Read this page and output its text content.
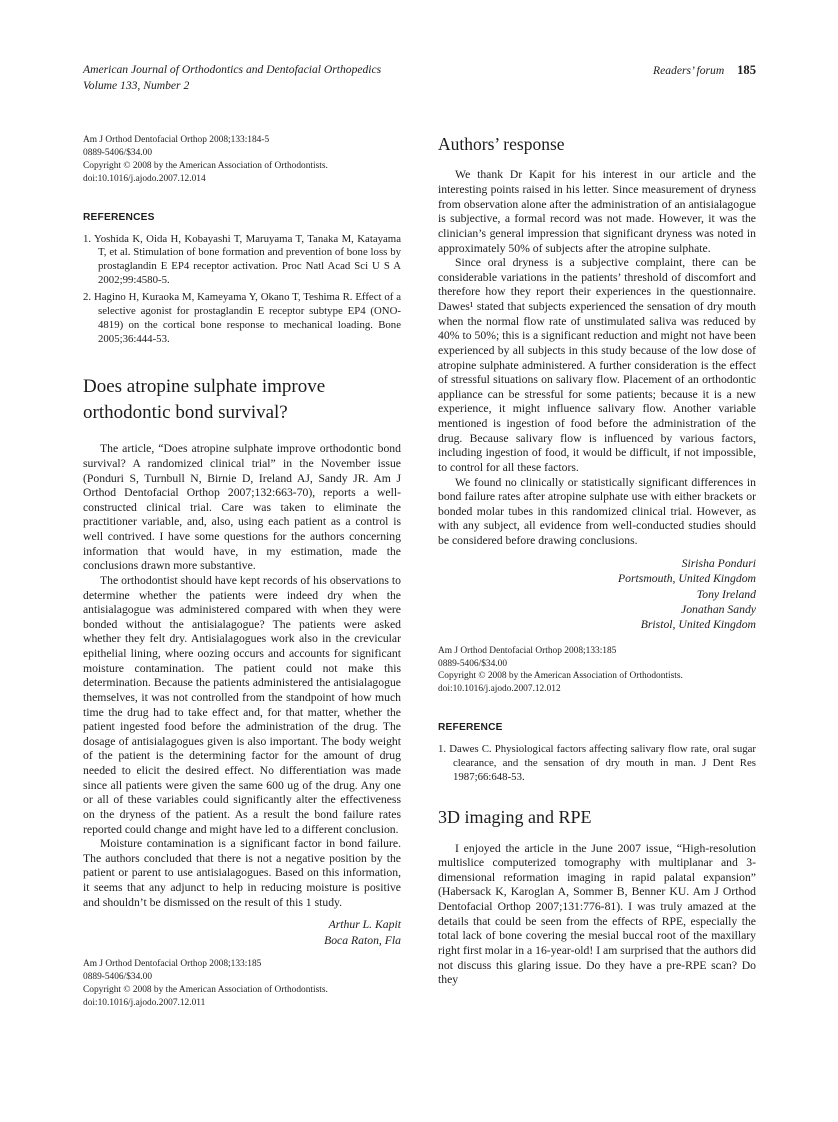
American Journal of Orthodontics and Dentofacial Orthopedics
Volume 133, Number 2
Readers’ forum 185
Am J Orthod Dentofacial Orthop 2008;133:184-5
0889-5406/$34.00
Copyright © 2008 by the American Association of Orthodontists.
doi:10.1016/j.ajodo.2007.12.014
REFERENCES
1. Yoshida K, Oida H, Kobayashi T, Maruyama T, Tanaka M, Katayama T, et al. Stimulation of bone formation and prevention of bone loss by prostaglandin E EP4 receptor activation. Proc Natl Acad Sci U S A 2002;99:4580-5.
2. Hagino H, Kuraoka M, Kameyama Y, Okano T, Teshima R. Effect of a selective agonist for prostaglandin E receptor subtype EP4 (ONO-4819) on the cortical bone response to mechanical loading. Bone 2005;36:444-53.
Does atropine sulphate improve orthodontic bond survival?

The article, “Does atropine sulphate improve orthodontic bond survival? A randomized clinical trial” in the November issue (Ponduri S, Turnbull N, Birnie D, Ireland AJ, Sandy JR. Am J Orthod Dentofacial Orthop 2007;132:663-70), reports a well-constructed clinical trial. Care was taken to eliminate the practitioner variable, and, also, using each patient as a control is well contrived. I have some questions for the authors concerning information that would have, in my estimation, made the conclusions drawn more substantive.

The orthodontist should have kept records of his observations to determine whether the patients were indeed dry when the antisialagogue was administered compared with when they were bonded without the antisialagogue? The patients were asked whether they felt dry. Antisialagogues work also in the crevicular epithelial lining, where oozing occurs and accounts for significant moisture contamination. The patient could not make this determination. Because the patients administered the antisialagogue themselves, it was not controlled from the standpoint of how much time the drug had to take effect and, for that matter, whether the patient ingested food before the administration of the drug. The dosage of antisialagogues given is also important. The body weight of the patient is the determining factor for the amount of drug needed to elicit the desired effect. No differentiation was made since all patients were given the same 600 ug of the drug. Any one or all of these variables could significantly alter the effectiveness on the dryness of the patient. As a result the bond failure rates reported could change and might have led to a different conclusion.

Moisture contamination is a significant factor in bond failure. The authors concluded that there is not a negative position by the patient or parent to use antisialagogues. Based on this information, it seems that any adjunct to help in reducing moisture is positive and shouldn’t be dismissed on the result of this 1 study.

Arthur L. Kapit
Boca Raton, Fla
Am J Orthod Dentofacial Orthop 2008;133:185
0889-5406/$34.00
Copyright © 2008 by the American Association of Orthodontists.
doi:10.1016/j.ajodo.2007.12.011
Authors’ response

We thank Dr Kapit for his interest in our article and the interesting points raised in his letter. Since measurement of dryness from observation alone after the administration of an antisialagogue is subjective, a formal record was not made. However, it was the clinician’s general impression that significant dryness was noted in approximately 50% of subjects after the atropine sulphate.

Since oral dryness is a subjective complaint, there can be considerable variations in the patients’ threshold of discomfort and therefore how they report their experiences in the questionnaire. Dawes¹ stated that subjects experienced the sensation of dry mouth when the normal flow rate of unstimulated saliva was reduced by 40% to 50%; this is a significant reduction and might not have been experienced by all subjects in this study because of the low dose of atropine sulphate administered. A further consideration is the effect of stressful situations on salivary flow. Placement of an orthodontic appliance can be stressful for some patients; because it is a new experience, it might influence salivary flow. Another variable mentioned is ingestion of food before the administration of the drug. Because salivary flow is influenced by various factors, including ingestion of food, it would be difficult, if not impossible, to control for all these factors.

We found no clinically or statistically significant differences in bond failure rates after atropine sulphate use with either brackets or bonded molar tubes in this randomized clinical trial. However, as with any subject, all evidence from well-conducted studies should be considered before drawing conclusions.

Sirisha Ponduri
Portsmouth, United Kingdom
Tony Ireland
Jonathan Sandy
Bristol, United Kingdom
Am J Orthod Dentofacial Orthop 2008;133:185
0889-5406/$34.00
Copyright © 2008 by the American Association of Orthodontists.
doi:10.1016/j.ajodo.2007.12.012
REFERENCE
1. Dawes C. Physiological factors affecting salivary flow rate, oral sugar clearance, and the sensation of dry mouth in man. J Dent Res 1987;66:648-53.
3D imaging and RPE

I enjoyed the article in the June 2007 issue, “High-resolution multislice computerized tomography with multiplanar and 3-dimensional reformation imaging in rapid palatal expansion” (Habersack K, Karoglan A, Sommer B, Benner KU. Am J Orthod Dentofacial Orthop 2007;131:776-81). I was truly amazed at the details that could be seen from the effects of RPE, especially the total lack of bone covering the mesial buccal root of the maxillary right first molar in a 16-year-old! I am surprised that the authors did not discuss this glaring issue. Do they have a pre-RPE scan? Do they
